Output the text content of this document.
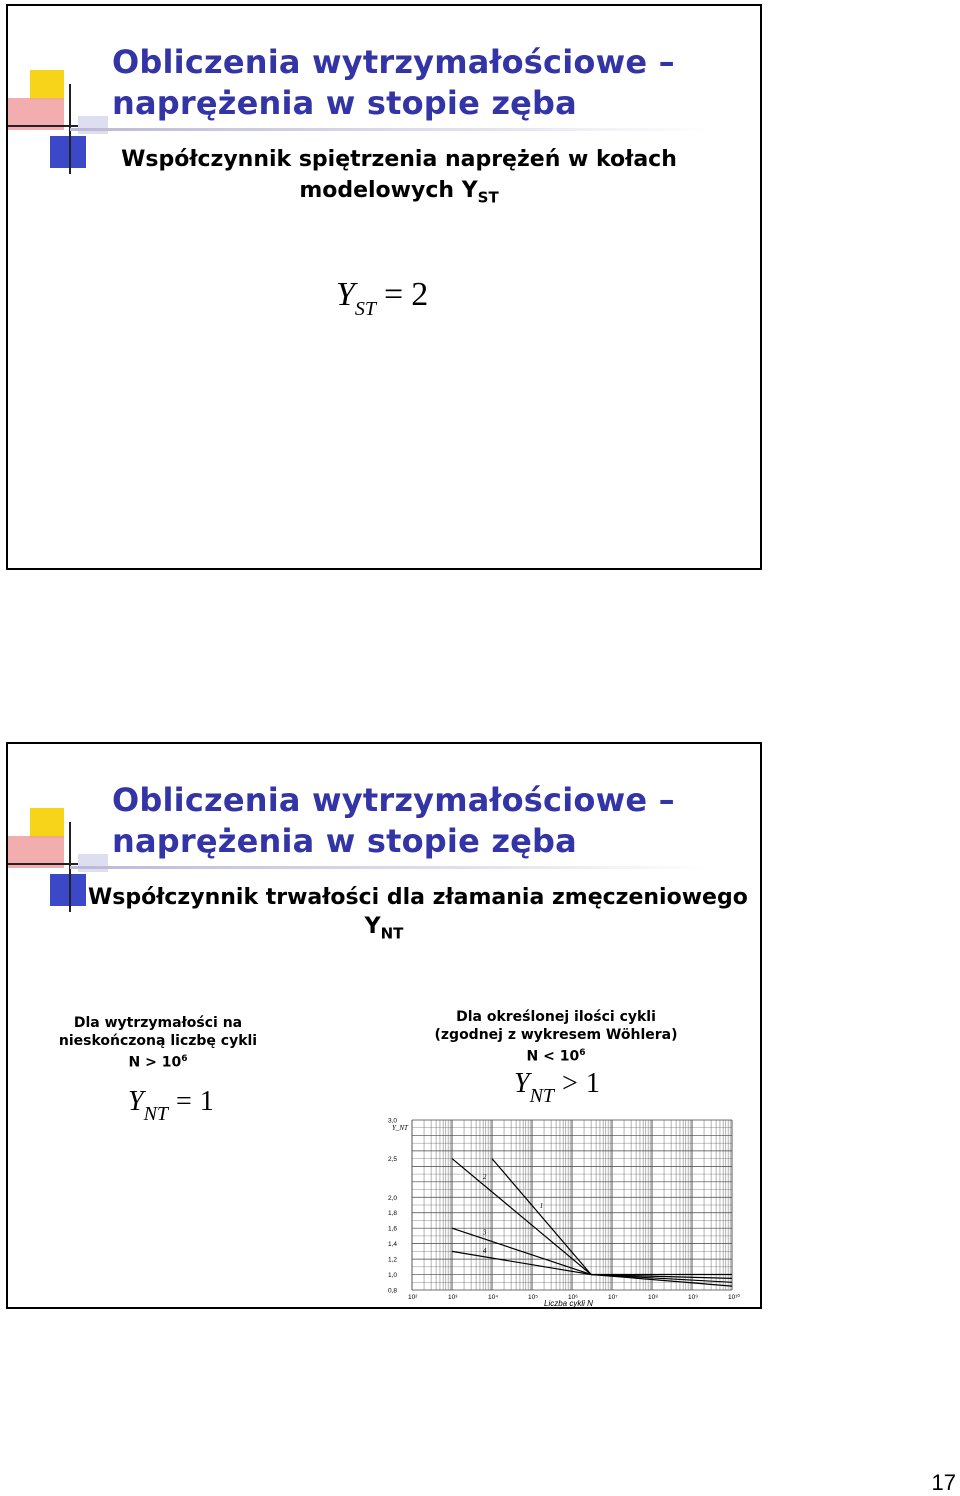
Obliczenia wytrzymałościowe –
naprężenia w stopie zęba
Współczynnik spiętrzenia naprężeń w kołach
modelowych $Y_{ST}$
$Y_{ST} = 2$
Obliczenia wytrzymałościowe –
naprężenia w stopie zęba
Współczynnik trwałości dla złamania zmęczeniowego
$Y_{NT}$
Dla wytrzymałości na
nieskończoną liczbę cykli
$N > 10^6$
$Y_{NT} = 1$
Dla określonej ilości cykli
(zgodnej z wykresem Wöhlera)
$N < 10^6$
$Y_{NT} > 1$
1
2
3
4
3,0
2,5
2,0
1,8
1,6
1,4
1,2
1,0
0,8
10²	10³	10⁴	10⁵	10⁶	10⁷	10⁸	10⁹	10¹⁰
Y_NT
Liczba cykli N
17
